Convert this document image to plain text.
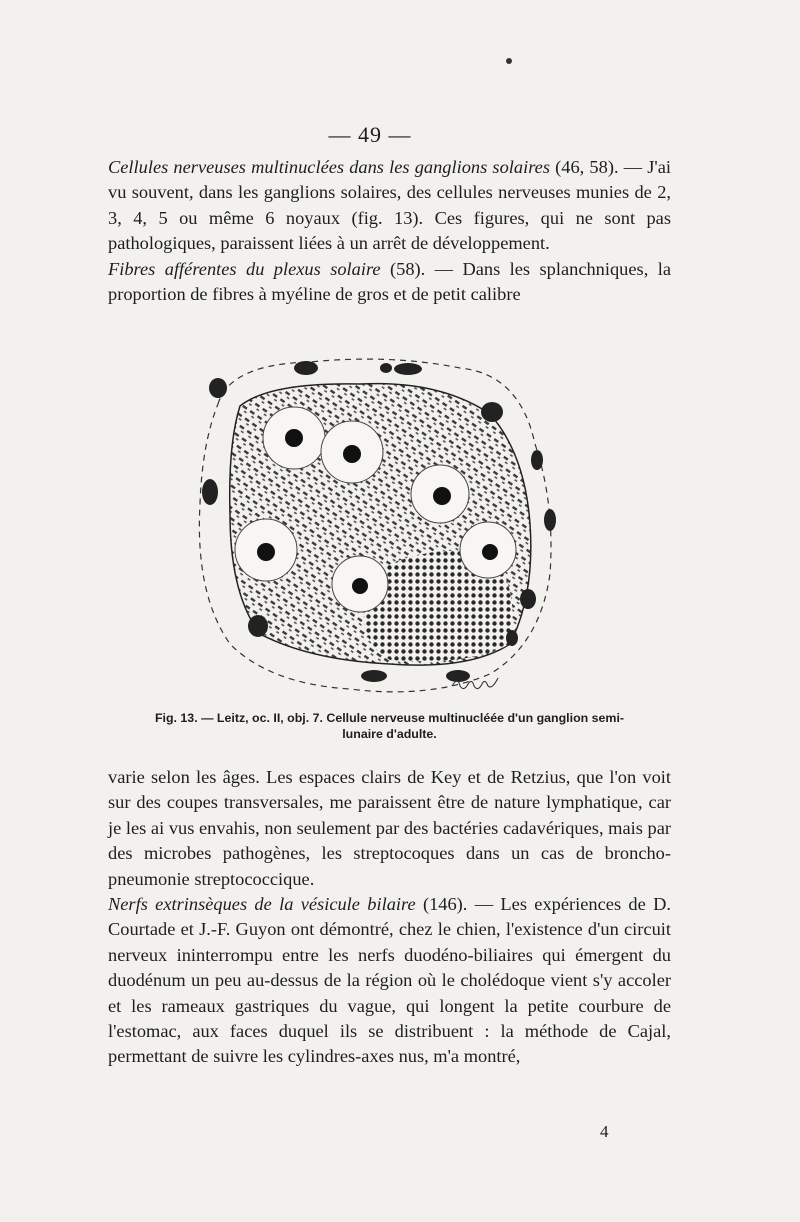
— 49 —

Cellules nerveuses multinuclées dans les ganglions solaires (46, 58). — J'ai vu souvent, dans les ganglions solaires, des cellules nerveuses munies de 2, 3, 4, 5 ou même 6 noyaux (fig. 13). Ces figures, qui ne sont pas pathologiques, paraissent liées à un arrêt de développement.

Fibres afférentes du plexus solaire (58). — Dans les splanchniques, la proportion de fibres à myéline de gros et de petit calibre

Fig. 13. — Leitz, oc. II, obj. 7. Cellule nerveuse multinucléée d'un ganglion semi-
lunaire d'adulte.

varie selon les âges. Les espaces clairs de Key et de Retzius, que l'on voit sur des coupes transversales, me paraissent être de nature lymphatique, car je les ai vus envahis, non seulement par des bactéries cadavériques, mais par des microbes pathogènes, les streptocoques dans un cas de broncho-pneumonie streptococcique.

Nerfs extrinsèques de la vésicule bilaire (146). — Les expériences de D. Courtade et J.-F. Guyon ont démontré, chez le chien, l'existence d'un circuit nerveux ininterrompu entre les nerfs duodéno-biliaires qui émergent du duodénum un peu au-dessus de la région où le cholédoque vient s'y accoler et les rameaux gastriques du vague, qui longent la petite courbure de l'estomac, aux faces duquel ils se distribuent : la méthode de Cajal, permettant de suivre les cylindres-axes nus, m'a montré,

4
